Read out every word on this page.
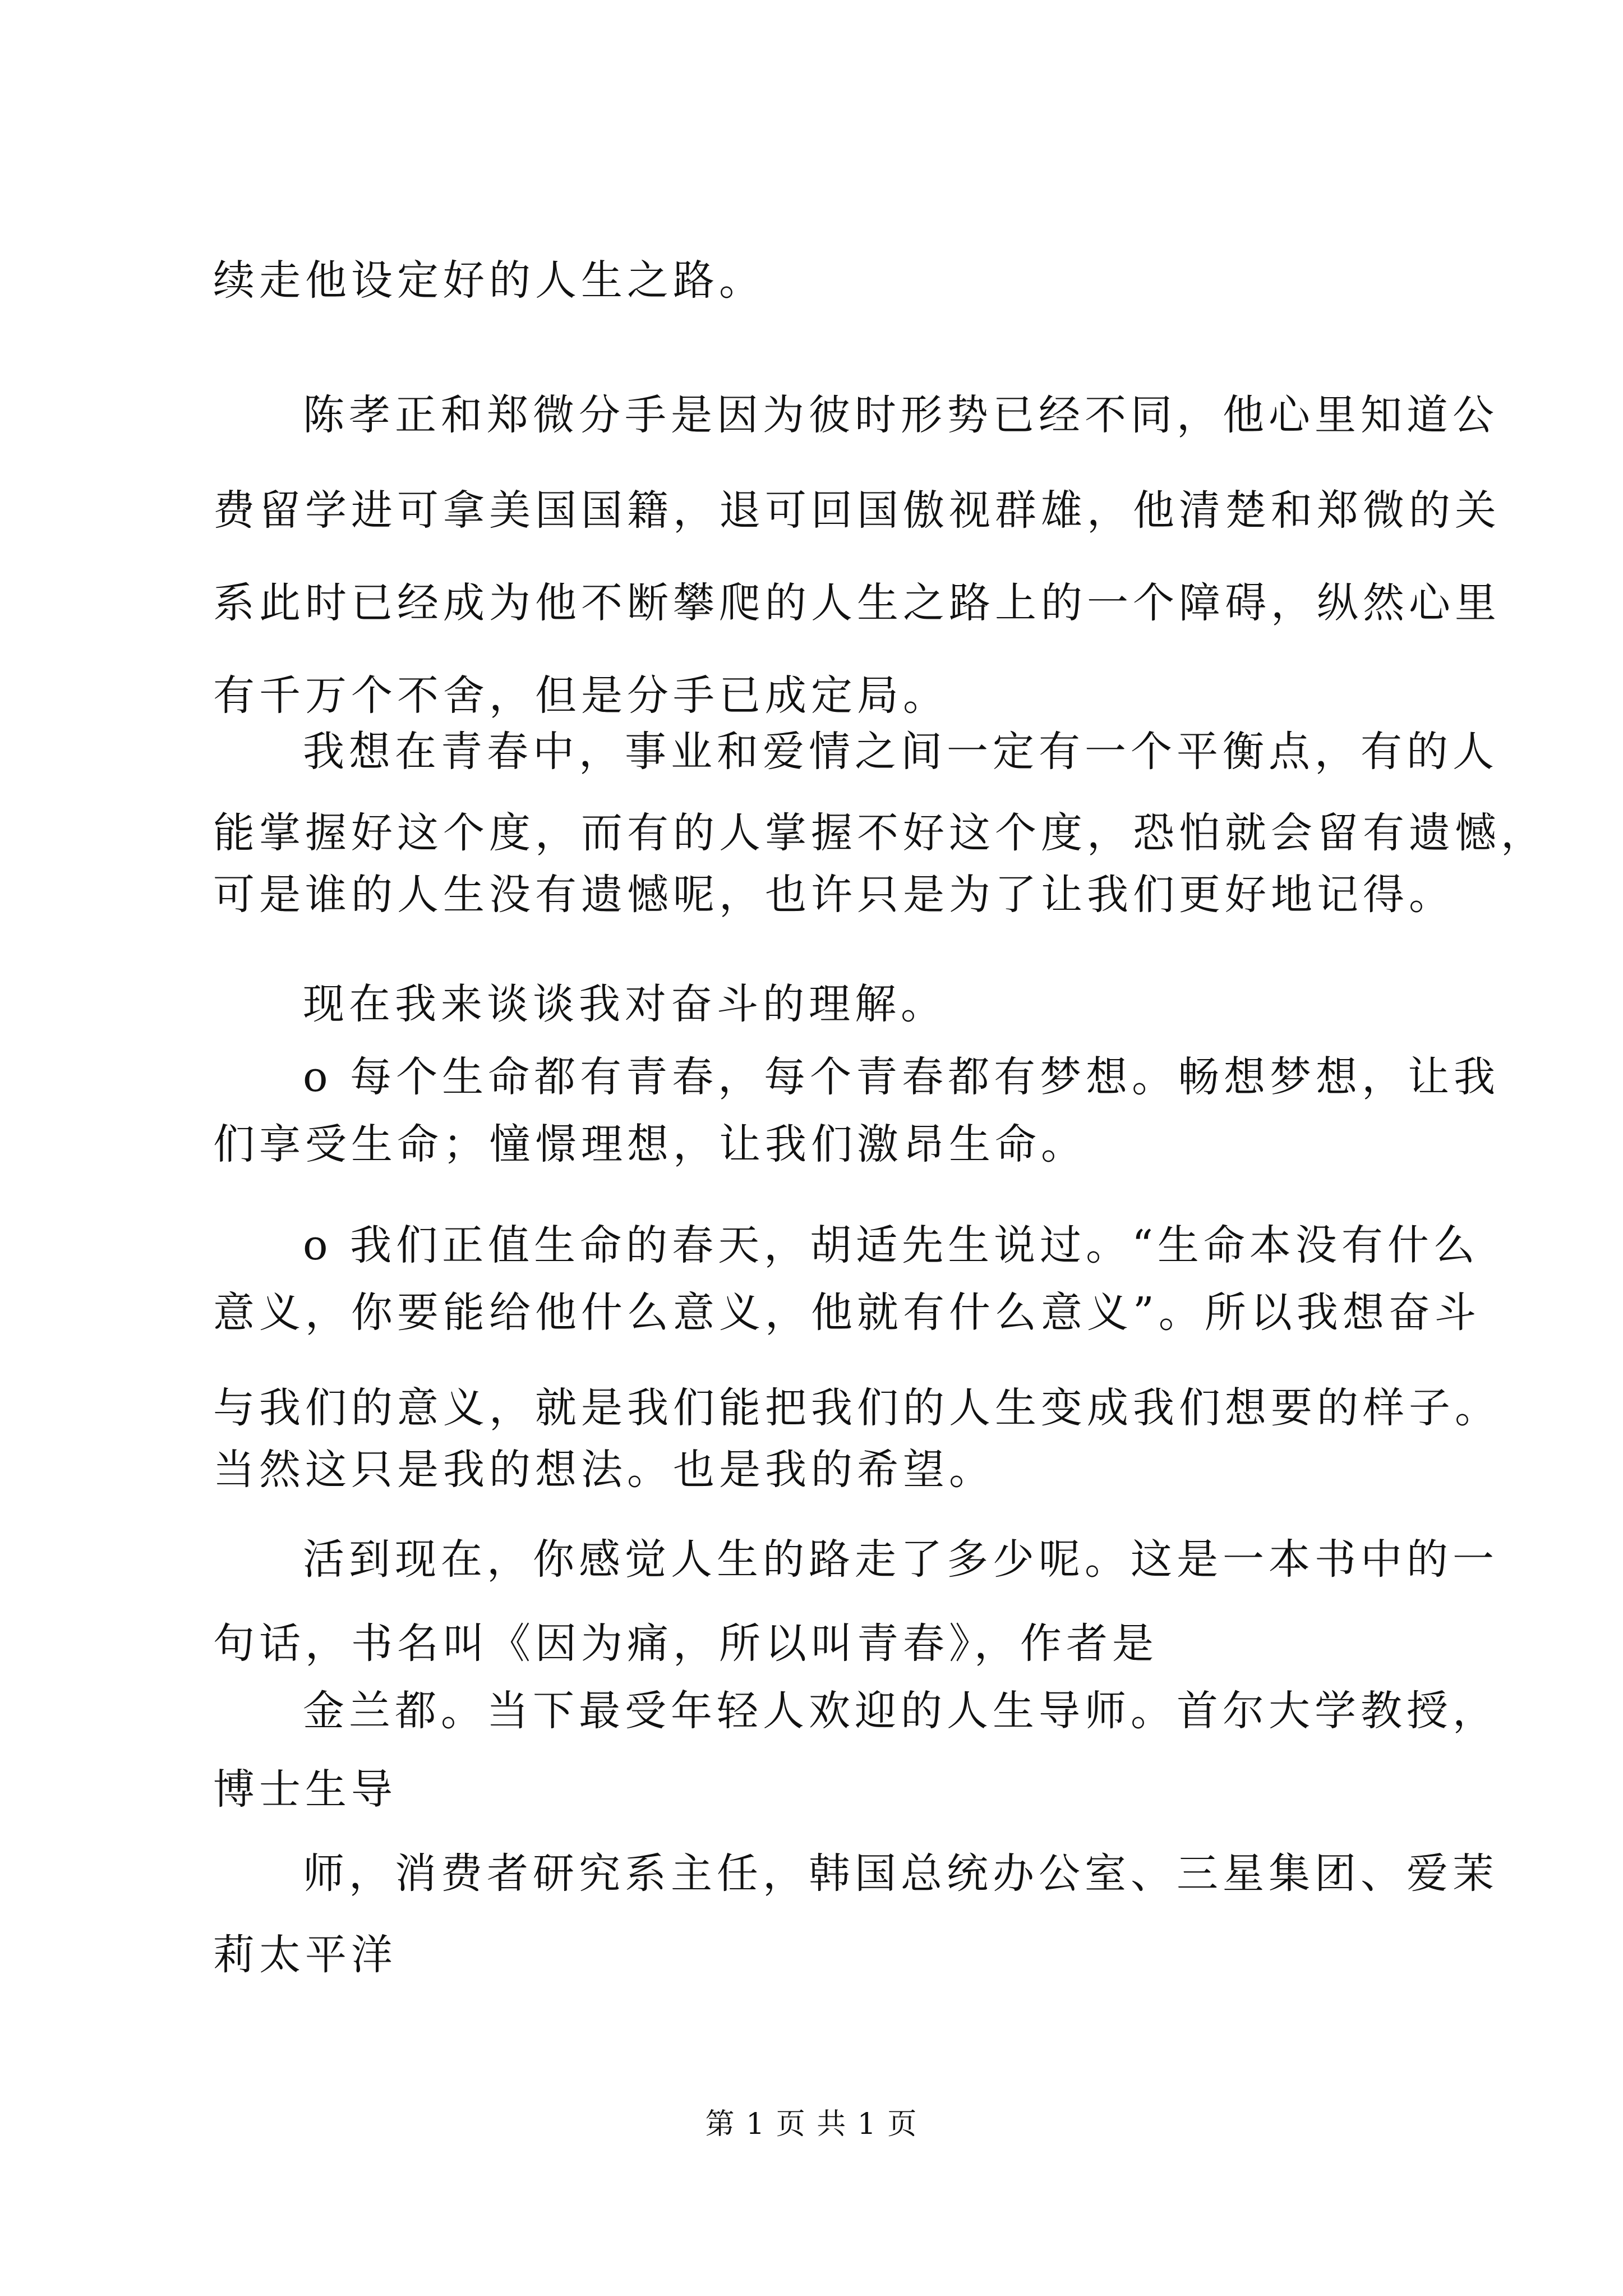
续走他设定好的人生之路。

陈孝正和郑微分手是因为彼时形势已经不同，他心里知道公

费留学进可拿美国国籍，退可回国傲视群雄，他清楚和郑微的关

系此时已经成为他不断攀爬的人生之路上的一个障碍，纵然心里

有千万个不舍，但是分手已成定局。

我想在青春中，事业和爱情之间一定有一个平衡点，有的人

能掌握好这个度，而有的人掌握不好这个度，恐怕就会留有遗憾，

可是谁的人生没有遗憾呢，也许只是为了让我们更好地记得。

现在我来谈谈我对奋斗的理解。

o 每个生命都有青春，每个青春都有梦想。畅想梦想，让我

们享受生命；憧憬理想，让我们激昂生命。

o 我们正值生命的春天，胡适先生说过。“生命本没有什么

意义，你要能给他什么意义，他就有什么意义”。所以我想奋斗

与我们的意义，就是我们能把我们的人生变成我们想要的样子。

当然这只是我的想法。也是我的希望。

活到现在，你感觉人生的路走了多少呢。这是一本书中的一

句话，书名叫《因为痛，所以叫青春》，作者是

金兰都。当下最受年轻人欢迎的人生导师。首尔大学教授，

博士生导

师，消费者研究系主任，韩国总统办公室、三星集团、爱茉

莉太平洋

第 1 页 共 1 页
